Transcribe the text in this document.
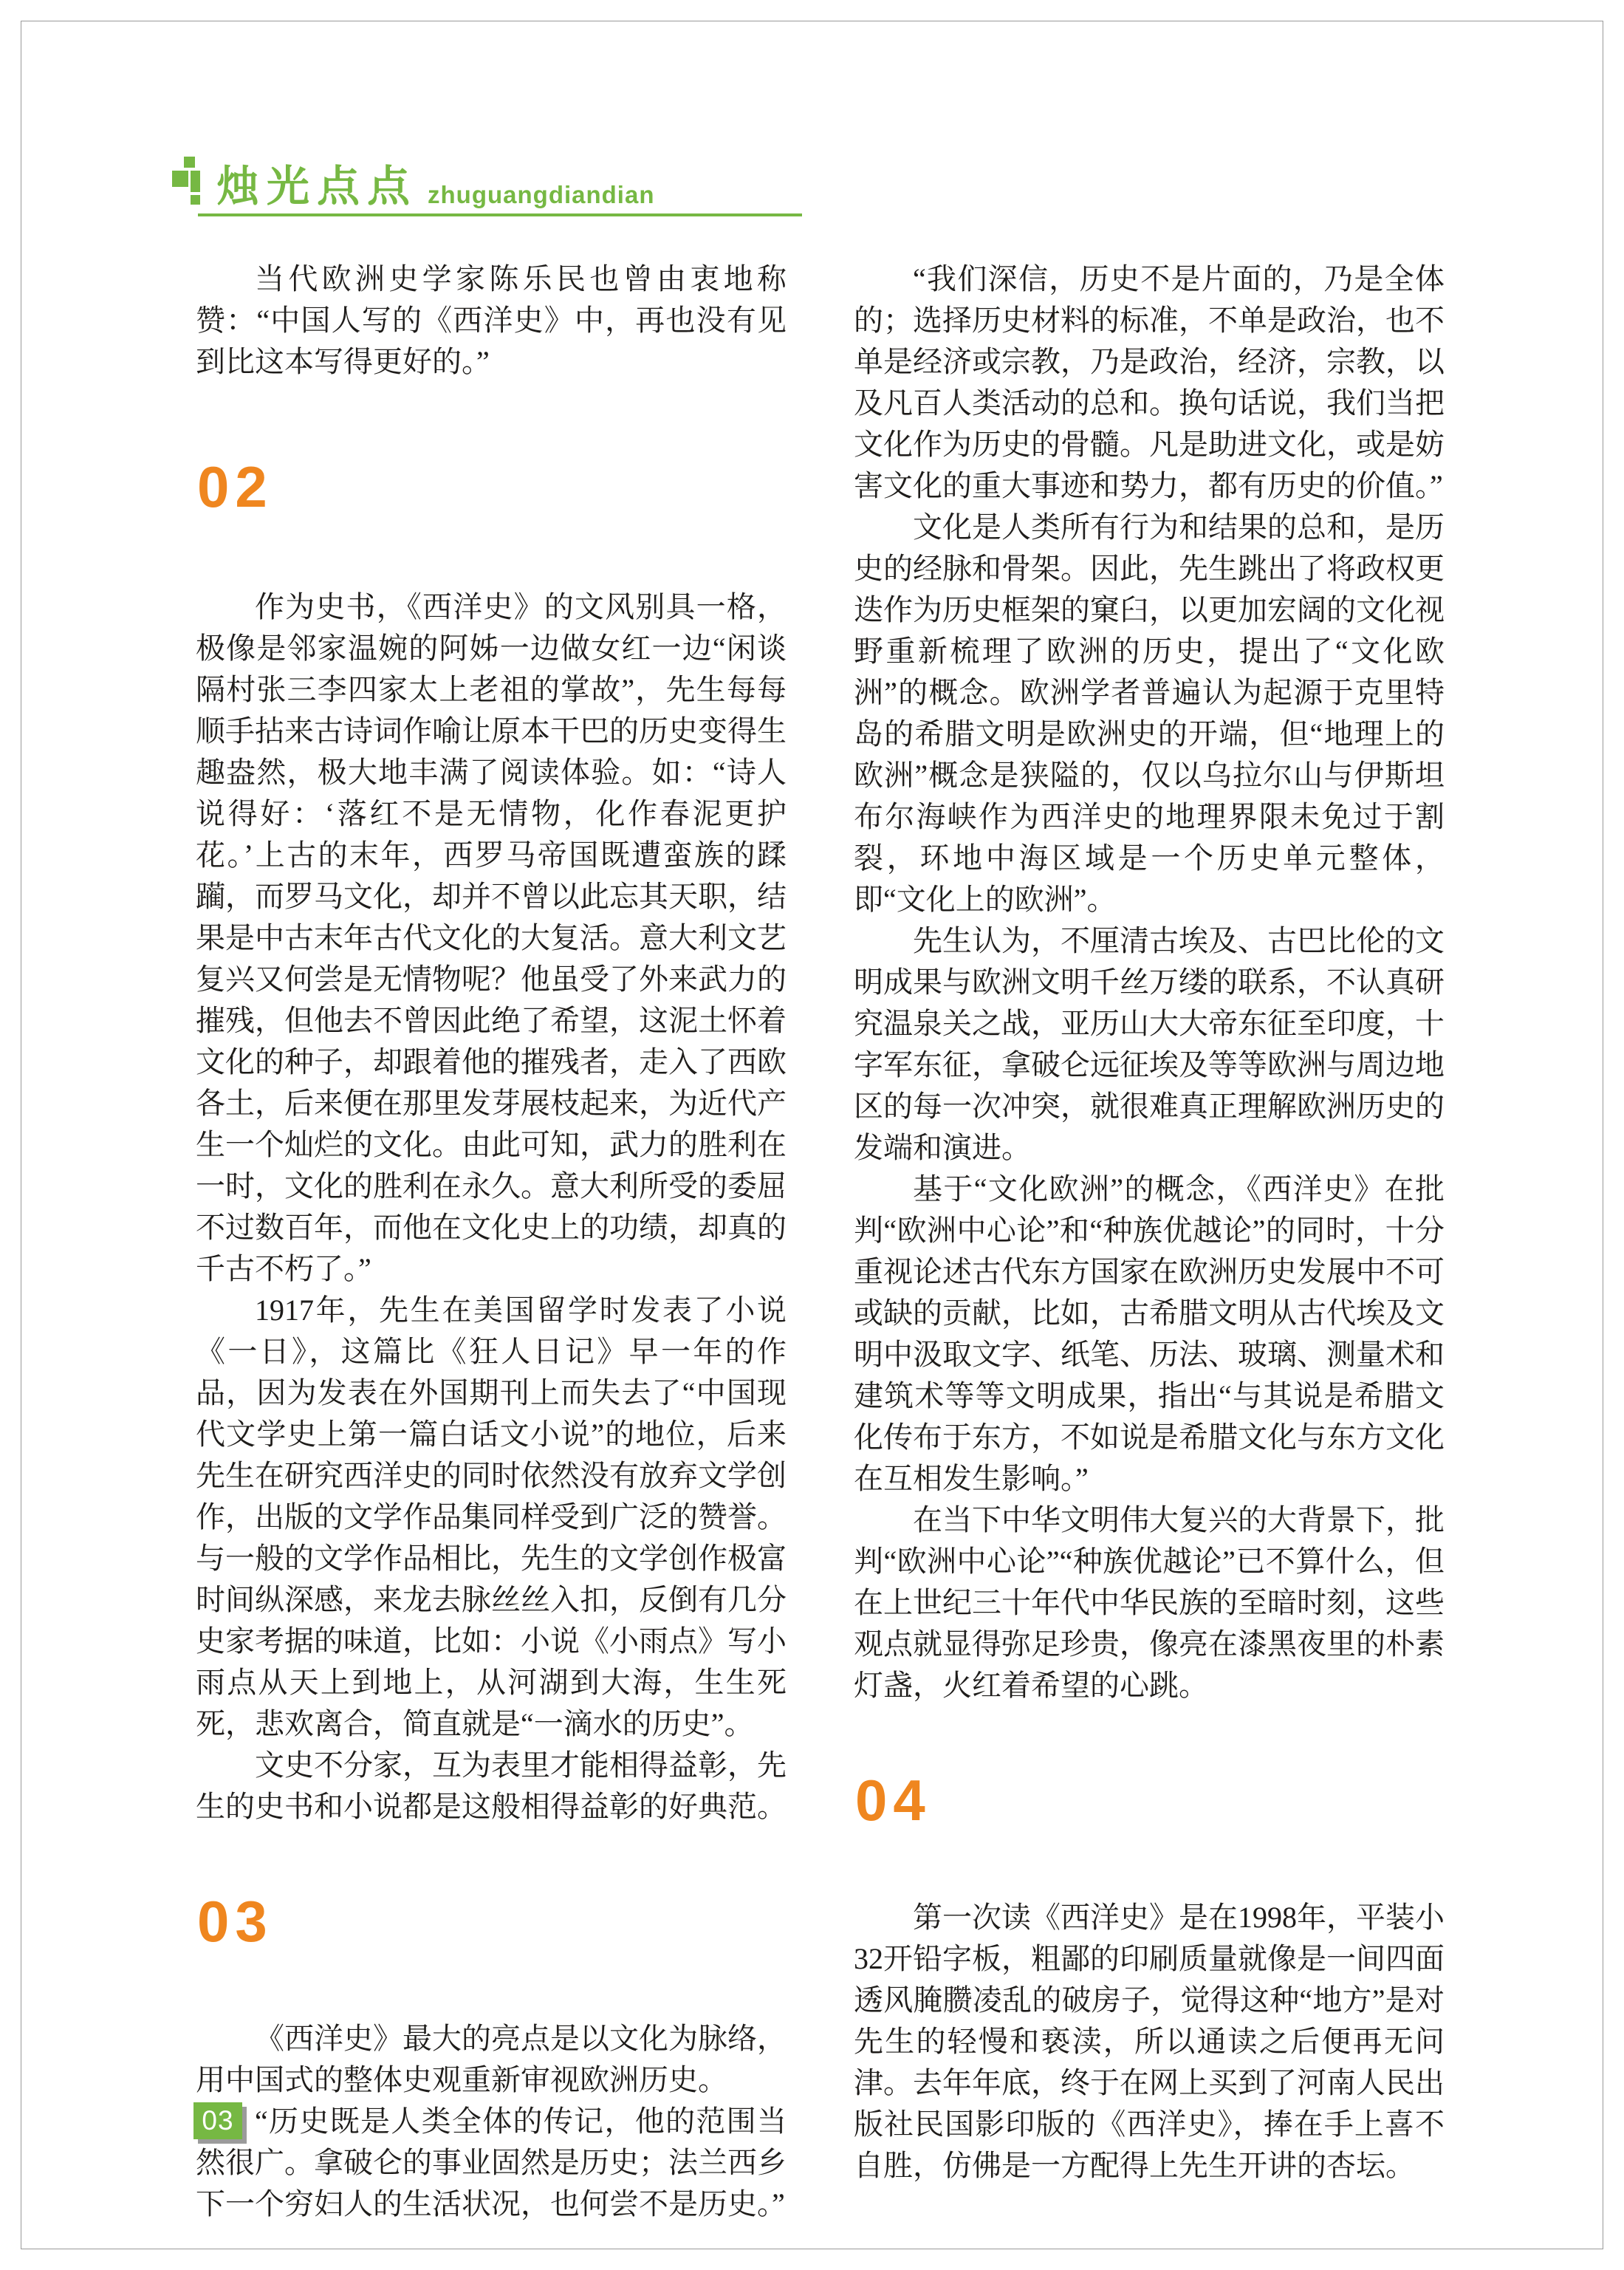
烛光点点 zhuguangdiandian

当代欧洲史学家陈乐民也曾由衷地称赞：“中国人写的《西洋史》中，再也没有见到比这本写得更好的。”

02

作为史书，《西洋史》的文风别具一格，极像是邻家温婉的阿姊一边做女红一边“闲谈隔村张三李四家太上老祖的掌故”，先生每每顺手拈来古诗词作喻让原本干巴的历史变得生趣盎然，极大地丰满了阅读体验。如：“诗人说得好：‘落红不是无情物，化作春泥更护花。’上古的末年，西罗马帝国既遭蛮族的蹂躏，而罗马文化，却并不曾以此忘其天职，结果是中古末年古代文化的大复活。意大利文艺复兴又何尝是无情物呢？他虽受了外来武力的摧残，但他去不曾因此绝了希望，这泥土怀着文化的种子，却跟着他的摧残者，走入了西欧各土，后来便在那里发芽展枝起来，为近代产生一个灿烂的文化。由此可知，武力的胜利在一时，文化的胜利在永久。意大利所受的委屈不过数百年，而他在文化史上的功绩，却真的千古不朽了。”

1917年，先生在美国留学时发表了小说《一日》，这篇比《狂人日记》早一年的作品，因为发表在外国期刊上而失去了“中国现代文学史上第一篇白话文小说”的地位，后来先生在研究西洋史的同时依然没有放弃文学创作，出版的文学作品集同样受到广泛的赞誉。与一般的文学作品相比，先生的文学创作极富时间纵深感，来龙去脉丝丝入扣，反倒有几分史家考据的味道，比如：小说《小雨点》写小雨点从天上到地上，从河湖到大海，生生死死，悲欢离合，简直就是“一滴水的历史”。

文史不分家，互为表里才能相得益彰，先生的史书和小说都是这般相得益彰的好典范。

03

《西洋史》最大的亮点是以文化为脉络，用中国式的整体史观重新审视欧洲历史。

“历史既是人类全体的传记，他的范围当然很广。拿破仑的事业固然是历史；法兰西乡下一个穷妇人的生活状况，也何尝不是历史。”

“我们深信，历史不是片面的，乃是全体的；选择历史材料的标准，不单是政治，也不单是经济或宗教，乃是政治，经济，宗教，以及凡百人类活动的总和。换句话说，我们当把文化作为历史的骨髓。凡是助进文化，或是妨害文化的重大事迹和势力，都有历史的价值。”

文化是人类所有行为和结果的总和，是历史的经脉和骨架。因此，先生跳出了将政权更迭作为历史框架的窠臼，以更加宏阔的文化视野重新梳理了欧洲的历史，提出了“文化欧洲”的概念。欧洲学者普遍认为起源于克里特岛的希腊文明是欧洲史的开端，但“地理上的欧洲”概念是狭隘的，仅以乌拉尔山与伊斯坦布尔海峡作为西洋史的地理界限未免过于割裂，环地中海区域是一个历史单元整体，即“文化上的欧洲”。

先生认为，不厘清古埃及、古巴比伦的文明成果与欧洲文明千丝万缕的联系，不认真研究温泉关之战，亚历山大大帝东征至印度，十字军东征，拿破仑远征埃及等等欧洲与周边地区的每一次冲突，就很难真正理解欧洲历史的发端和演进。

基于“文化欧洲”的概念，《西洋史》在批判“欧洲中心论”和“种族优越论”的同时，十分重视论述古代东方国家在欧洲历史发展中不可或缺的贡献，比如，古希腊文明从古代埃及文明中汲取文字、纸笔、历法、玻璃、测量术和建筑术等等文明成果，指出“与其说是希腊文化传布于东方，不如说是希腊文化与东方文化在互相发生影响。”

在当下中华文明伟大复兴的大背景下，批判“欧洲中心论”“种族优越论”已不算什么，但在上世纪三十年代中华民族的至暗时刻，这些观点就显得弥足珍贵，像亮在漆黑夜里的朴素灯盏，火红着希望的心跳。

04

第一次读《西洋史》是在1998年，平装小32开铅字板，粗鄙的印刷质量就像是一间四面透风腌臜凌乱的破房子，觉得这种“地方”是对先生的轻慢和亵渎，所以通读之后便再无问津。去年年底，终于在网上买到了河南人民出版社民国影印版的《西洋史》，捧在手上喜不自胜，仿佛是一方配得上先生开讲的杏坛。

03
